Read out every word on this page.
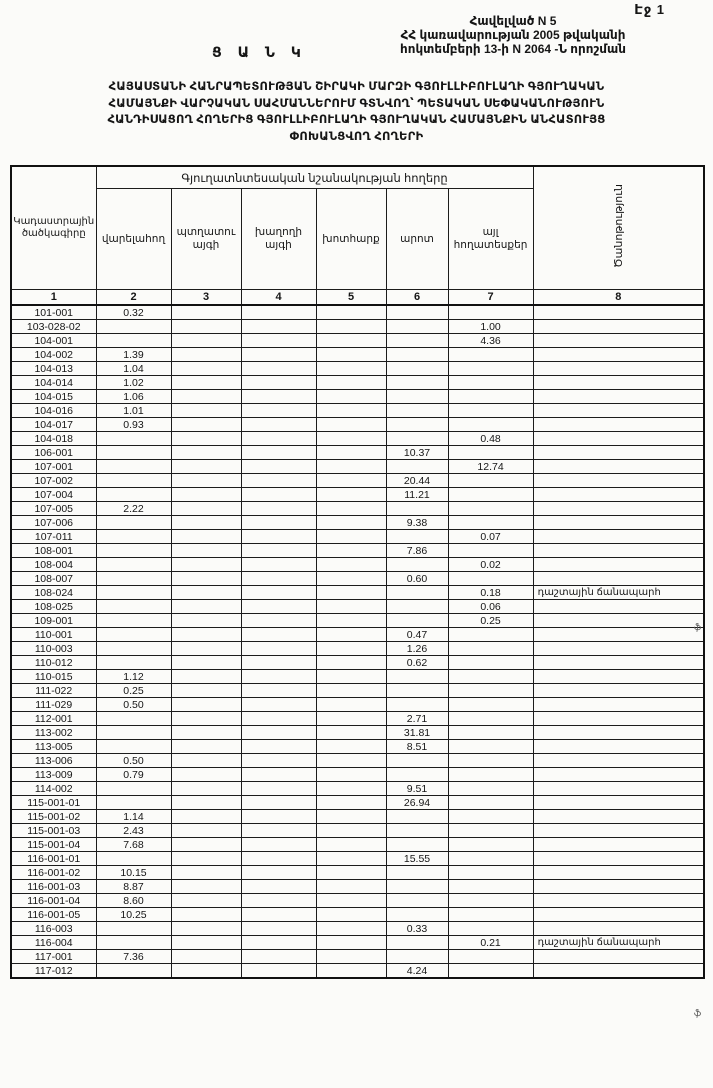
Էջ 1
Հավելված N 5
ՀՀ կառավարության 2005 թվականի
հոկտեմբերի 13-ի N 2064 -Ն որոշման
Ց Ա Ն Կ
ՀԱՅԱՍՏԱՆԻ ՀԱՆՐԱՊԵՏՈՒԹՅԱՆ ՇԻՐԱԿԻ ՄԱՐԶԻ ԳՅՈՒԼԼԻԲՈՒԼԱՂԻ ԳՅՈՒՂԱԿԱՆ
ՀԱՄԱՅՆՔԻ ՎԱՐՉԱԿԱՆ ՍԱՀՄԱՆՆԵՐՈՒՄ ԳՏՆՎՈՂ՝ ՊԵՏԱԿԱՆ ՍԵՓԱԿԱՆՈՒԹՅՈՒՆ
ՀԱՆԴԻՍԱՑՈՂ ՀՈՂԵՐԻՑ ԳՅՈՒԼԼԻԲՈՒԼԱՂԻ ԳՅՈՒՂԱԿԱՆ ՀԱՄԱՅՆՔԻՆ ԱՆՀԱՏՈՒՅՑ
ՓՈԽԱՆՑՎՈՂ ՀՈՂԵՐԻ
Կադաստրային ծածկագիրը	Գյուղատնտեսական նշանակության հողերը						Ծանոթություն
	վարելահող	պտղատու այգի	խաղողի այգի	խոտհարք	արոտ	այլ հողատեսքեր	
1	2	3	4	5	6	7	8
101-001	0.32						
103-028-02						1.00	
104-001						4.36	
104-002	1.39						
104-013	1.04						
104-014	1.02						
104-015	1.06						
104-016	1.01						
104-017	0.93						
104-018						0.48	
106-001					10.37		
107-001						12.74	
107-002					20.44		
107-004					11.21		
107-005	2.22						
107-006					9.38		
107-011						0.07	
108-001					7.86		
108-004						0.02	
108-007					0.60		
108-024						0.18	դաշտային ճանապարհ
108-025						0.06	
109-001						0.25	
110-001					0.47		
110-003					1.26		
110-012					0.62		
110-015	1.12						
111-022	0.25						
111-029	0.50						
112-001					2.71		
113-002					31.81		
113-005					8.51		
113-006	0.50						
113-009	0.79						
114-002					9.51		
115-001-01					26.94		
115-001-02	1.14						
115-001-03	2.43						
115-001-04	7.68						
116-001-01					15.55		
116-001-02	10.15						
116-001-03	8.87						
116-001-04	8.60						
116-001-05	10.25						
116-003					0.33		
116-004						0.21	դաշտային ճանապարհ
117-001	7.36						
117-012					4.24		
ֆ
ֆ
